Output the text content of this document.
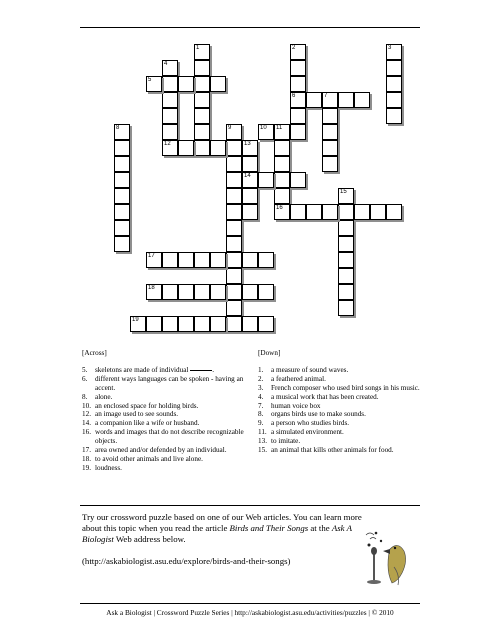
1	2
6
3
4
5
7
8	9	10 11
12	13
14
15
16
17
18
19
[Across]
5. skeletons are made of individual	.
6. different ways languages can be spoken - having an accent.
8. alone.
10. an enclosed space for holding birds.
12. an image used to see sounds.
14. a companion like a wife or husband.
16. words and images that do not describe recognizable objects.
17. area owned and/or defended by an individual.
18. to avoid other animals and live alone.
19. loudness.
[Down]
1. a measure of sound waves.
2. a feathered animal.
3. French composer who used bird songs in his music.
4. a musical work that has been created.
7. human voice box
8. organs birds use to make sounds.
9. a person who studies birds.
11. a simulated environment.
13. to imitate.
15. an animal that kills other animals for food.

Try our crossword puzzle based on one of our Web articles. You can learn more about this topic when you read the article Birds and Their Songs at the Ask A Biologist Web address below.

(http://askabiologist.asu.edu/explore/birds-and-their-songs)

Ask a Biologist | Crossword Puzzle Series | http://askabiologist.asu.edu/activities/puzzles | © 2010
